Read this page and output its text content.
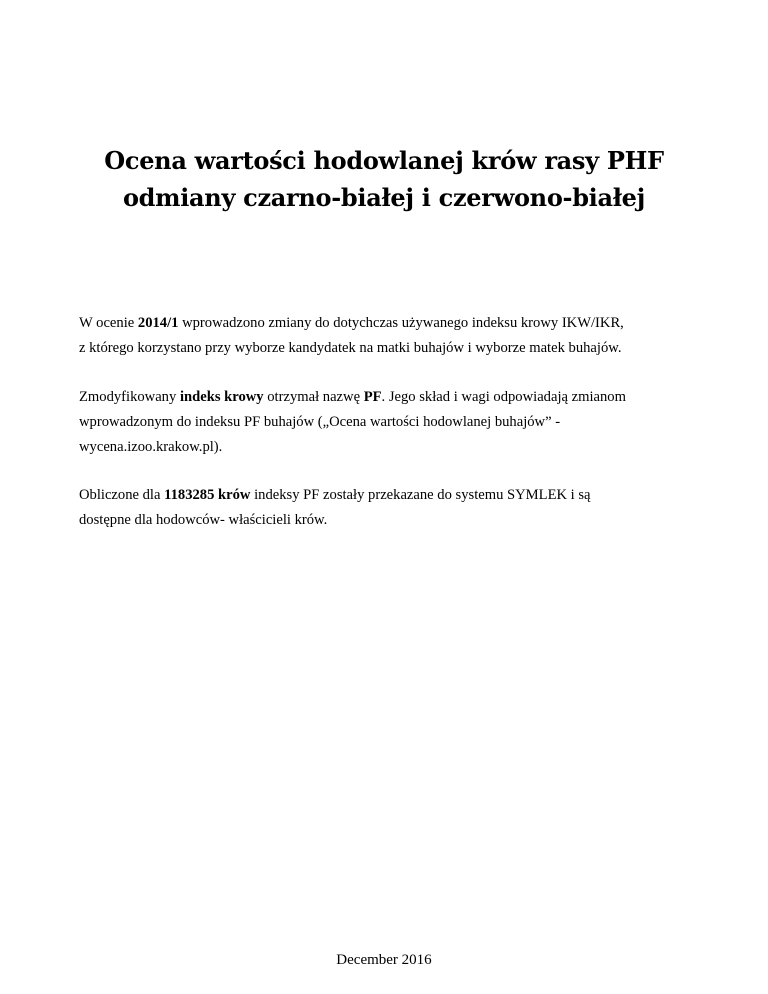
Ocena wartości hodowlanej krów rasy PHF
odmiany czarno-białej i czerwono-białej

W ocenie 2014/1 wprowadzono zmiany do dotychczas używanego indeksu krowy IKW/IKR,
z którego korzystano przy wyborze kandydatek na matki buhajów i wyborze matek buhajów.

Zmodyfikowany indeks krowy otrzymał nazwę PF. Jego skład i wagi odpowiadają zmianom
wprowadzonym do indeksu PF buhajów („Ocena wartości hodowlanej buhajów” -
wycena.izoo.krakow.pl).

Obliczone dla 1183285 krów indeksy PF zostały przekazane do systemu SYMLEK i są
dostępne dla hodowców- właścicieli krów.

December 2016
